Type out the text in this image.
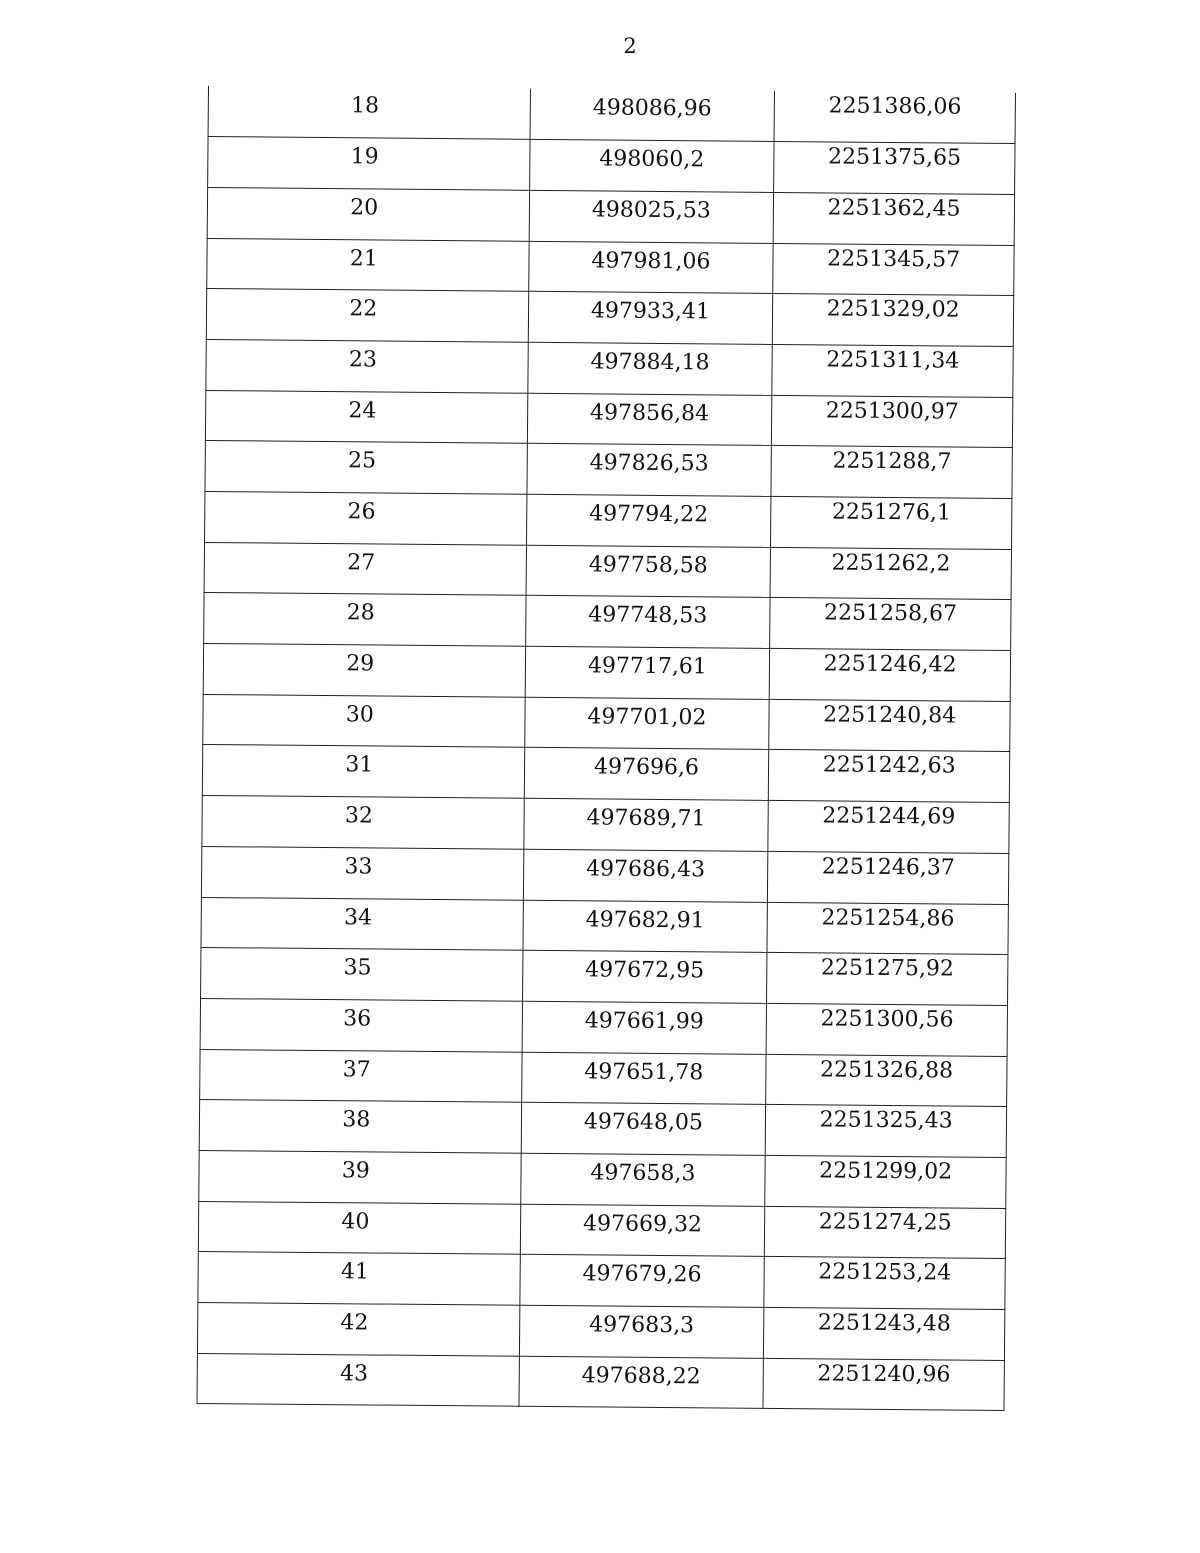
2
18	498086,96	2251386,06
19	498060,2	2251375,65
20	498025,53	2251362,45
21	497981,06	2251345,57
22	497933,41	2251329,02
23	497884,18	2251311,34
24	497856,84	2251300,97
25	497826,53	2251288,7
26	497794,22	2251276,1
27	497758,58	2251262,2
28	497748,53	2251258,67
29	497717,61	2251246,42
30	497701,02	2251240,84
31	497696,6	2251242,63
32	497689,71	2251244,69
33	497686,43	2251246,37
34	497682,91	2251254,86
35	497672,95	2251275,92
36	497661,99	2251300,56
37	497651,78	2251326,88
38	497648,05	2251325,43
39	497658,3	2251299,02
40	497669,32	2251274,25
41	497679,26	2251253,24
42	497683,3	2251243,48
43	497688,22	2251240,96
